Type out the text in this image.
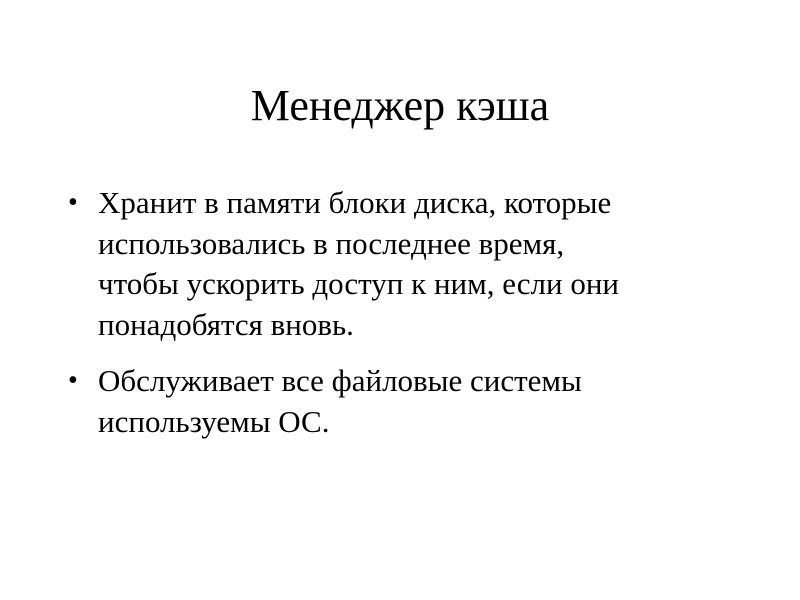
Менеджер кэша
• Хранит в памяти блоки диска, которые
использовались в последнее время,
чтобы ускорить доступ к ним, если они
понадобятся вновь.
• Обслуживает все файловые системы
используемы ОС.
